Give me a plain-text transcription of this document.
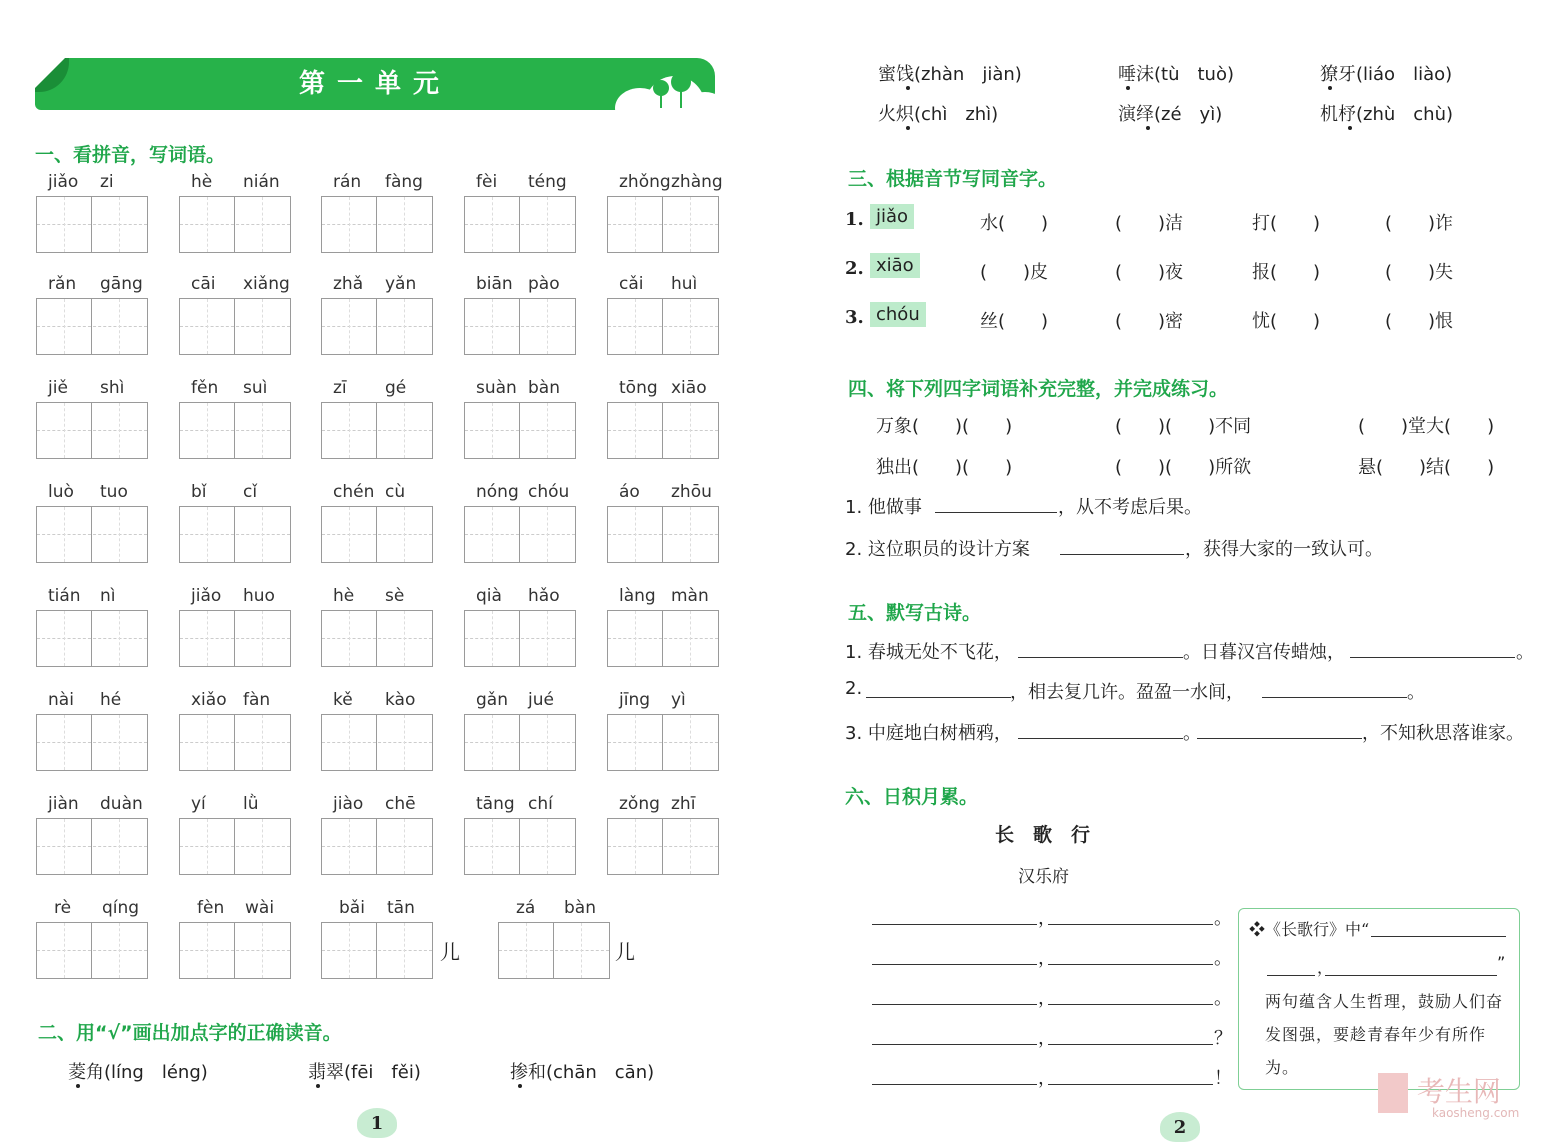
第一单元
一、看拼音，写词语。
jiǎo zi	hè nián	rán fàng	fèi téng	zhǒng zhàng
rǎn gāng	cāi xiǎng	zhǎ yǎn	biān pào	cǎi huì
jiě shì	fěn suì	zī gé	suàn bàn	tōng xiāo
luò tuo	bǐ cǐ	chén cù	nóng chóu	áo zhōu
tián nì	jiǎo huo	hè sè	qià hǎo	làng màn
nài hé	xiǎo fàn	kě kào	gǎn jué	jīng yì
jiàn duàn	yí lǜ	jiào chē	tāng chí	zǒng zhī
rè qíng	fèn wài	bǎi tān	zá bàn
儿	儿
二、用“√”画出加点字的正确读音。
菱角(líng　léng)	翡翠(fēi　fěi)	掺和(chān　cān)
1
蜜饯(zhàn　jiàn)	唾沫(tù　tuò)	獠牙(liáo　liào)
火炽(chì　zhì)	演绎(zé　yì)	机杼(zhù　chù)
三、根据音节写同音字。
1. jiǎo	水(　　)	(　　)洁	打(　　)	(　　)诈
2. xiāo	(　　)皮	(　　)夜	报(　　)	(　　)失
3. chóu	丝(　　)	(　　)密	忧(　　)	(　　)恨
四、将下列四字词语补充完整，并完成练习。
万象(　　)(　　)	(　　)(　　)不同	(　　)堂大(　　)
独出(　　)(　　)	(　　)(　　)所欲	悬(　　)结(　　)
1. 他做事	，从不考虑后果。
2. 这位职员的设计方案	，获得大家的一致认可。
五、默写古诗。
1. 春城无处不飞花，	。日暮汉宫传蜡烛，	。
2.	，相去复几许。盈盈一水间，	。
3. 中庭地白树栖鸦，	。	，不知秋思落谁家。
六、日积月累。
长　歌　行
汉乐府
，	。
，	。
，	。
，	？
，	！
❖《长歌行》中“
，	”
两句蕴含人生哲理，鼓励人们奋发图强，要趁青春年少有所作为。
2
考生网
kaosheng.com
